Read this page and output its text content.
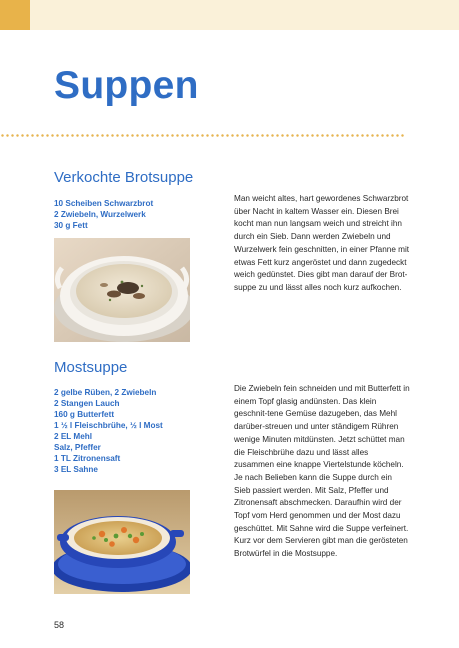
Suppen
Verkochte Brotsuppe
10 Scheiben Schwarzbrot
2 Zwiebeln, Wurzelwerk
30 g Fett

Man weicht altes, hart gewordenes Schwarzbrot über Nacht in kaltem Wasser ein. Diesen Brei kocht man nun langsam weich und streicht ihn durch ein Sieb. Dann werden Zwiebeln und Wurzelwerk fein geschnitten, in einer Pfanne mit etwas Fett kurz angeröstet und dann zugedeckt weich gedünstet. Dies gibt man darauf der Brot-suppe zu und lässt alles noch kurz aufkochen.

Mostsuppe
2 gelbe Rüben, 2 Zwiebeln
2 Stangen Lauch
160 g Butterfett
1 ½ l Fleischbrühe, ½ l Most
2 EL Mehl
Salz, Pfeffer
1 TL Zitronensaft
3 EL Sahne

Die Zwiebeln fein schneiden und mit Butterfett in einem Topf glasig andünsten. Das klein geschnit-tene Gemüse dazugeben, das Mehl darüber-streuen und unter ständigem Rühren wenige Minuten mitdünsten. Jetzt schüttet man die Fleischbrühe dazu und lässt alles zusammen eine knappe Viertelstunde köcheln. Je nach Belieben kann die Suppe durch ein Sieb passiert werden. Mit Salz, Pfeffer und Zitronensaft abschmecken. Daraufhin wird der Topf vom Herd genommen und der Most dazu geschüttet. Mit Sahne wird die Suppe verfeinert. Kurz vor dem Servieren gibt man die gerösteten Brotwürfel in die Mostsuppe.

58
